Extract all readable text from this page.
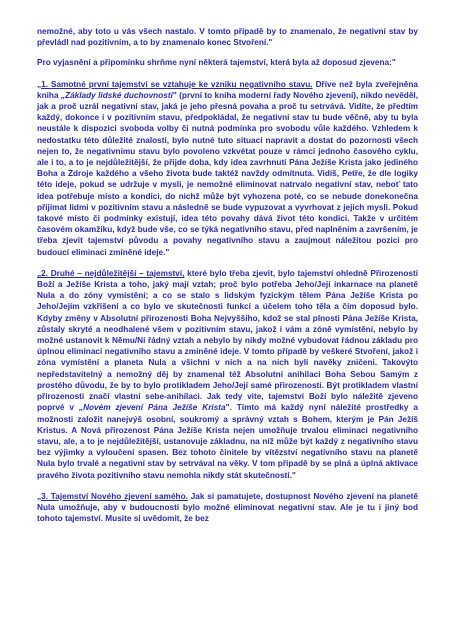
nemožné, aby toto u vás všech nastalo. V tomto případě by to znamenalo, že negativní stav by převládl nad pozitivním, a to by znamenalo konec Stvoření."

Pro vyjasnění a připomínku shrňme nyní některá tajemství, která byla až doposud zjevena:"

„1. Samotné první tajemství se vztahuje ke vzniku negativního stavu. Dříve než byla zveřejněna kniha „Základy lidské duchovnosti" (první to kniha moderní řady Nového zjevení), nikdo nevěděl, jak a proč uzrál negativní stav, jaká je jeho přesná povaha a proč tu setrvává. Vidíte, že předtím každý, dokonce i v pozitivním stavu, předpokládal, že negativní stav tu bude věčně, aby tu byla neustále k dispozici svoboda volby či nutná podmínka pro svobodu vůle každého. Vzhledem k nedostatku této důležité znalosti, bylo nutné tuto situaci napravit a dostat do pozornosti všech nejen to, že negativnímu stavu bylo povoleno vzkvétat pouze v rámci jednoho časového cyklu, ale i to, a to je nejdůležitější, že přijde doba, kdy idea zavrhnutí Pána Ježíše Krista jako jediného Boha a Zdroje každého a všeho života bude taktéž navždy odmítnuta. Vidíš, Petře, že dle logiky této ideje, pokud se udržuje v mysli, je nemožné eliminovat natrvalo negativní stav, neboť tato idea potřebuje místo a kondici, do nichž může být vyhozena poté, co se nebude donekonečna přijímat lidmi v pozitivním stavu a následně se bude vypuzovat a vyvrhovat z jejich mysli. Pokud takové místo či podmínky existují, idea této povahy dává život této kondici. Takže v určitém časovém okamžiku, když bude vše, co se týká negativního stavu, před naplněním a završením, je třeba zjevit tajemství původu a povahy negativního stavu a zaujmout náležitou pozici pro budoucí eliminaci zmíněné ideje."

„2. Druhé – nejdůležitější – tajemství, které bylo třeba zjevit, bylo tajemství ohledně Přirozenosti Boží a Ježíše Krista a toho, jaký mají vztah; proč bylo potřeba Jeho/Její inkarnace na planetě Nula a do zóny vymístění; a co se stalo s lidským fyzickým tělem Pána Ježíše Krista po Jeho/Jejím vzkříšení a co bylo ve skutečnosti funkcí a účelem toho těla a čím doposud bylo. Kdyby změny v Absolutní přirozenosti Boha Nejvyššího, kdož se stal plnosti Pána Ježíše Krista, zůstaly skryté a neodhalené všem v pozitivním stavu, jakož i vám a zóně vymístění, nebylo by možné ustanovit k Němu/Ní řádný vztah a nebylo by nikdy možné vybudovat řádnou základu pro úplnou eliminaci negativního stavu a zmíněné ideje. V tomto případě by veškeré Stvoření, jakož i zóna vymístění a planeta Nula a všichni v nich a na nich byli navěky zničeni. Takovýto nepředstavitelný a nemožný děj by znamenal též Absolutní anihilaci Boha Sebou Samým z prostého důvodu, že by to bylo protikladem Jeho/Její samé přirozenosti. Být protikladem vlastní přirozenosti značí vlastní sebe-anihilaci. Jak tedy vite, tajemství Boží bylo náležitě zjeveno poprvé v „Novém zjevení Pána Ježíše Krista". Tímto má každý nyní náležité prostředky a možnosti založit nanejvýš osobní, soukromý a správný vztah s Bohem, kterým je Pán Ježíš Kristus. A Nová přirozenost Pána Ježíše Krista nejen umožňuje trvalou eliminaci negativního stavu, ale, a to je nejdůležitější, ustanovuje základnu, na níž může být každý z negativního stavu bez výjimky a vyloučení spasen. Bez tohoto činitele by vítězství negativního stavu na planetě Nula bylo trvalé a negativní stav by setrvával na věky. V tom případě by se plná a úplná aktivace pravého života pozitivního stavu nemohla nikdy stát skutečností."

„3. Tajemství Nového zjevení samého. Jak si pamatujete, dostupnost Nového zjevení na planetě Nula umožňuje, aby v budoucnosti bylo možné eliminovat negativní stav. Ale je tu i jiný bod tohoto tajemství. Musite si uvědomit, že bez
